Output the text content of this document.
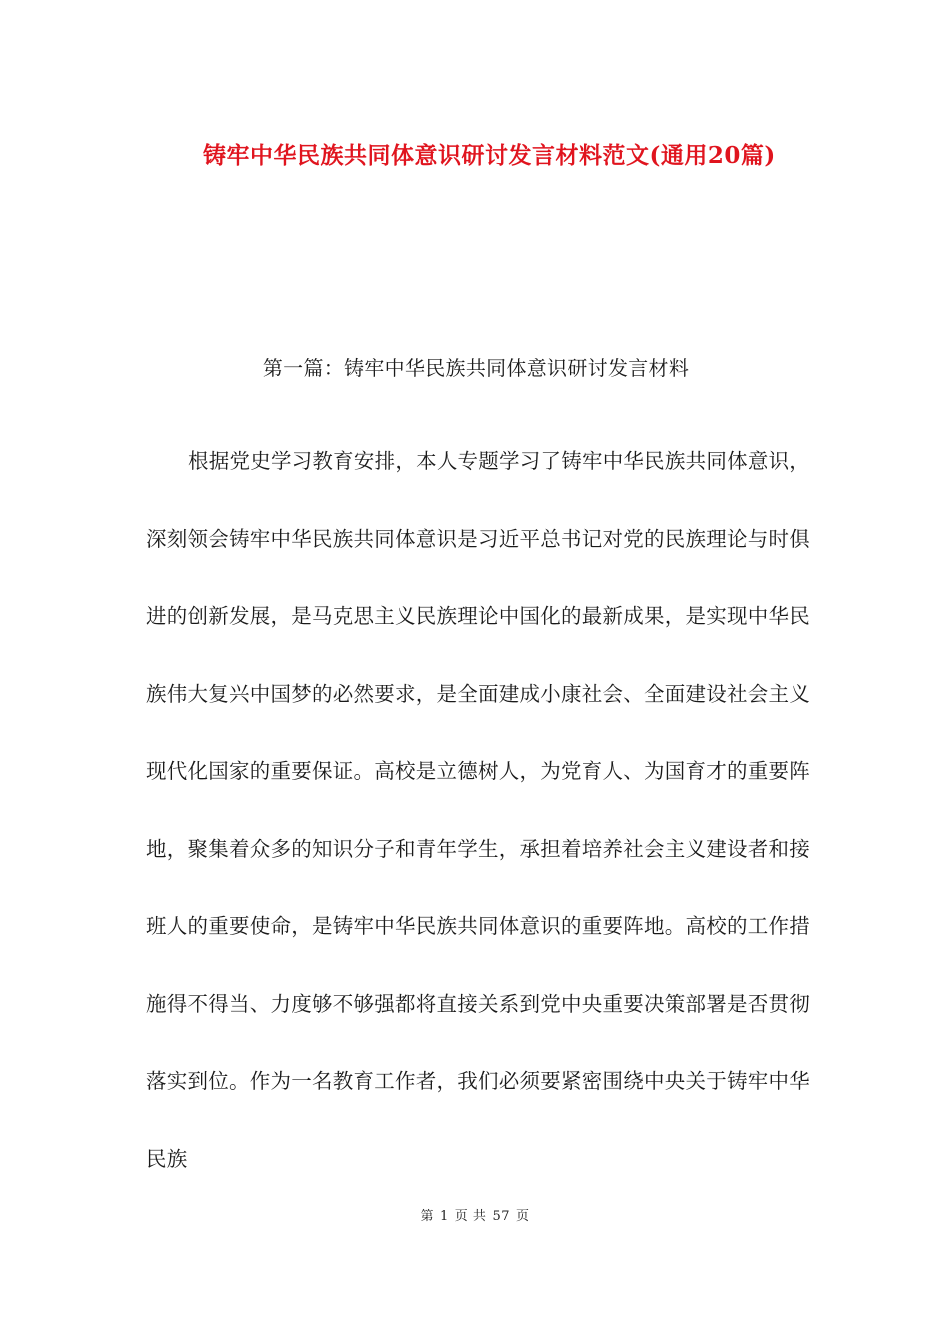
铸牢中华民族共同体意识研讨发言材料范文(通用20篇)
第一篇：铸牢中华民族共同体意识研讨发言材料

根据党史学习教育安排，本人专题学习了铸牢中华民族共同体意识，深刻领会铸牢中华民族共同体意识是习近平总书记对党的民族理论与时俱进的创新发展，是马克思主义民族理论中国化的最新成果，是实现中华民族伟大复兴中国梦的必然要求，是全面建成小康社会、全面建设社会主义现代化国家的重要保证。高校是立德树人，为党育人、为国育才的重要阵地，聚集着众多的知识分子和青年学生，承担着培养社会主义建设者和接班人的重要使命，是铸牢中华民族共同体意识的重要阵地。高校的工作措施得不得当、力度够不够强都将直接关系到党中央重要决策部署是否贯彻落实到位。作为一名教育工作者，我们必须要紧密围绕中央关于铸牢中华民族

第 1 页 共 57 页
